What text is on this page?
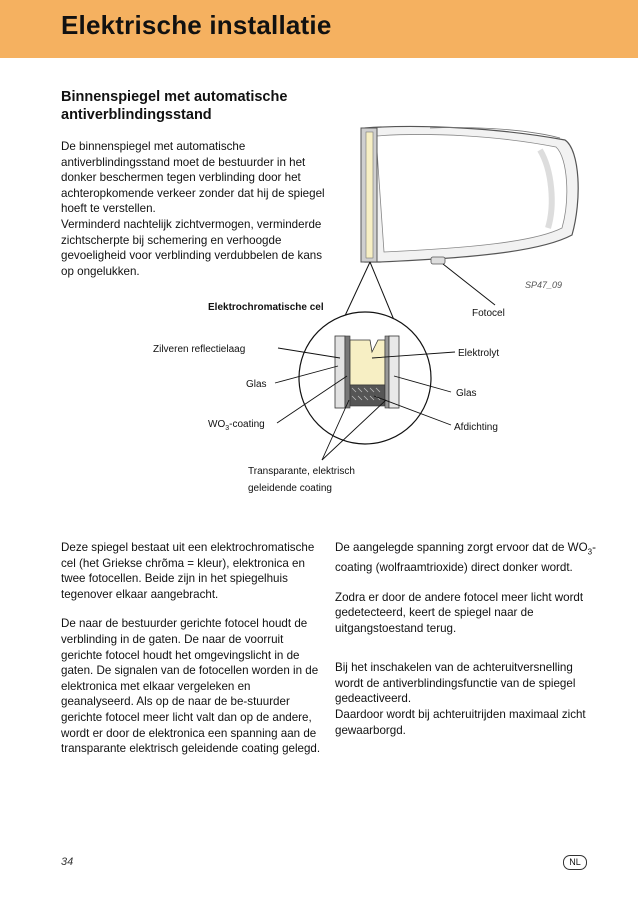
Elektrische installatie
Binnenspiegel met automatische antiverblindingsstand

De binnenspiegel met automatische antiverblindingsstand moet de bestuurder in het donker beschermen tegen verblinding door het achteropkomende verkeer zonder dat hij de spiegel hoeft te verstellen.

Verminderd nachtelijk zichtvermogen, verminderde zichtscherpte bij schemering en verhoogde gevoeligheid voor verblinding verdubbelen de kans op ongelukken.

SP47_09
Fotocel
Elektrochromatische cel
Zilveren reflectielaag	Elektrolyt
Glas
Glas
$WO_3$-coating	Afdichting
Transparante, elektrisch
geleidende coating

Deze spiegel bestaat uit een elektrochromatische cel (het Griekse chrõma = kleur), elektronica en twee fotocellen. Beide zijn in het spiegelhuis tegenover elkaar aangebracht.

De naar de bestuurder gerichte fotocel houdt de verblinding in de gaten. De naar de voorruit gerichte fotocel houdt het omgevingslicht in de gaten. De signalen van de fotocellen worden in de elektronica met elkaar vergeleken en geanalyseerd. Als op de naar de be-stuurder gerichte fotocel meer licht valt dan op de andere, wordt er door de elektronica een spanning aan de transparante elektrisch geleidende coating gelegd.

De aangelegde spanning zorgt ervoor dat de $WO_3$-coating (wolfraamtrioxide) direct donker wordt.

Zodra er door de andere fotocel meer licht wordt gedetecteerd, keert de spiegel naar de uitgangstoestand terug.

Bij het inschakelen van de achteruitversnelling wordt de antiverblindingsfunctie van de spiegel gedeactiveerd.
Daardoor wordt bij achteruitrijden maximaal zicht gewaarborgd.

34	NL
